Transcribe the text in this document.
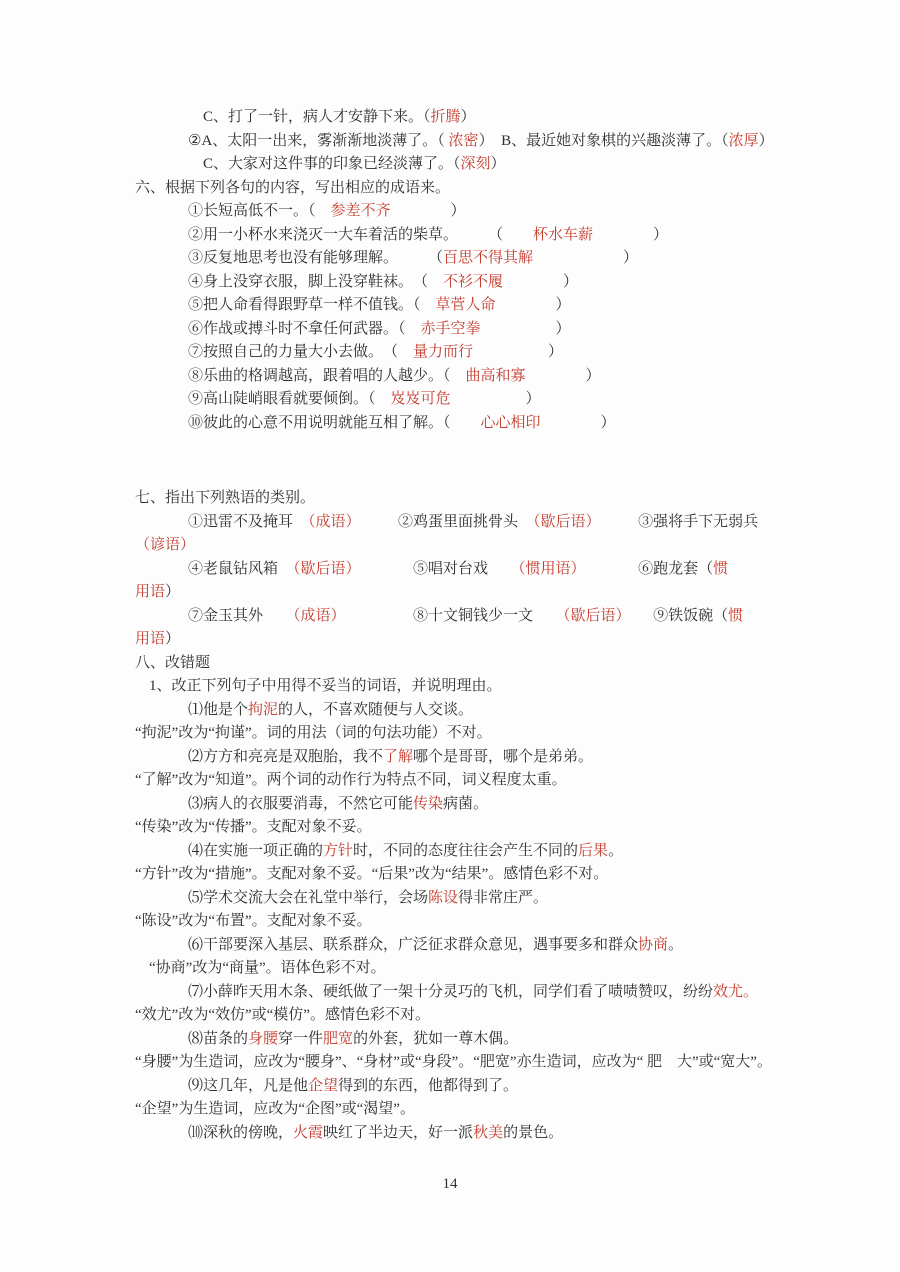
C、打了一针，病人才安静下来。（折腾）
②A、太阳一出来，雾渐渐地淡薄了。（ 浓密）　B、最近她对象棋的兴趣淡薄了。（浓厚）
C、大家对这件事的印象已经淡薄了。（深刻）
六、根据下列各句的内容，写出相应的成语来。
①长短高低不一。（　参差不齐　　　　）
②用一小杯水来浇灭一大车着活的柴草。　　　（　　杯水车薪　　　　）
③反复地思考也没有能够理解。　　　（百思不得其解　　　　　　）
④身上没穿衣服，脚上没穿鞋袜。　（　不衫不履　　　　）
⑤把人命看得跟野草一样不值钱。（　草菅人命　　　　）
⑥作战或搏斗时不拿任何武器。（　赤手空拳　　　　　）
⑦按照自己的力量大小去做。　（　量力而行　　　　　）
⑧乐曲的格调越高，跟着唱的人越少。（　曲高和寡　　　　）
⑨高山陡峭眼看就要倾倒。（　岌岌可危　　　　　）
⑩彼此的心意不用说明就能互相了解。（　　心心相印　　　　）
七、指出下列熟语的类别。
①迅雷不及掩耳　（成语）　　　②鸡蛋里面挑骨头　（歇后语）　　　③强将手下无弱兵
（谚语）
④老鼠钻风箱　（歇后语）　　　　⑤唱对台戏　　（惯用语）　　　　⑥跑龙套（惯
用语）
⑦金玉其外　　（成语）　　　　　⑧十文铜钱少一文　　（歇后语）　　⑨铁饭碗（惯
用语）
八、改错题
1、改正下列句子中用得不妥当的词语，并说明理由。
⑴他是个拘泥的人，不喜欢随便与人交谈。
“拘泥”改为“拘谨”。词的用法（词的句法功能）不对。
⑵方方和亮亮是双胞胎，我不了解哪个是哥哥，哪个是弟弟。
“了解”改为“知道”。两个词的动作行为特点不同，词义程度太重。
⑶病人的衣服要消毒，不然它可能传染病菌。
“传染”改为“传播”。支配对象不妥。
⑷在实施一项正确的方针时，不同的态度往往会产生不同的后果。
“方针”改为“措施”。支配对象不妥。“后果”改为“结果”。感情色彩不对。
⑸学术交流大会在礼堂中举行，会场陈设得非常庄严。
“陈设”改为“布置”。支配对象不妥。
⑹干部要深入基层、联系群众，广泛征求群众意见，遇事要多和群众协商。
“协商”改为“商量”。语体色彩不对。
⑺小薛昨天用木条、硬纸做了一架十分灵巧的飞机，同学们看了啧啧赞叹，纷纷效尤。
“效尤”改为“效仿”或“模仿”。感情色彩不对。
⑻苗条的身腰穿一件肥宽的外套，犹如一尊木偶。
“身腰”为生造词，应改为“腰身”、“身材”或“身段”。“肥宽”亦生造词，应改为“ 肥　大”或“宽大”。
⑼这几年，凡是他企望得到的东西，他都得到了。
“企望”为生造词，应改为“企图”或“渴望”。
⑽深秋的傍晚，火霞映红了半边天，好一派秋美的景色。
14
